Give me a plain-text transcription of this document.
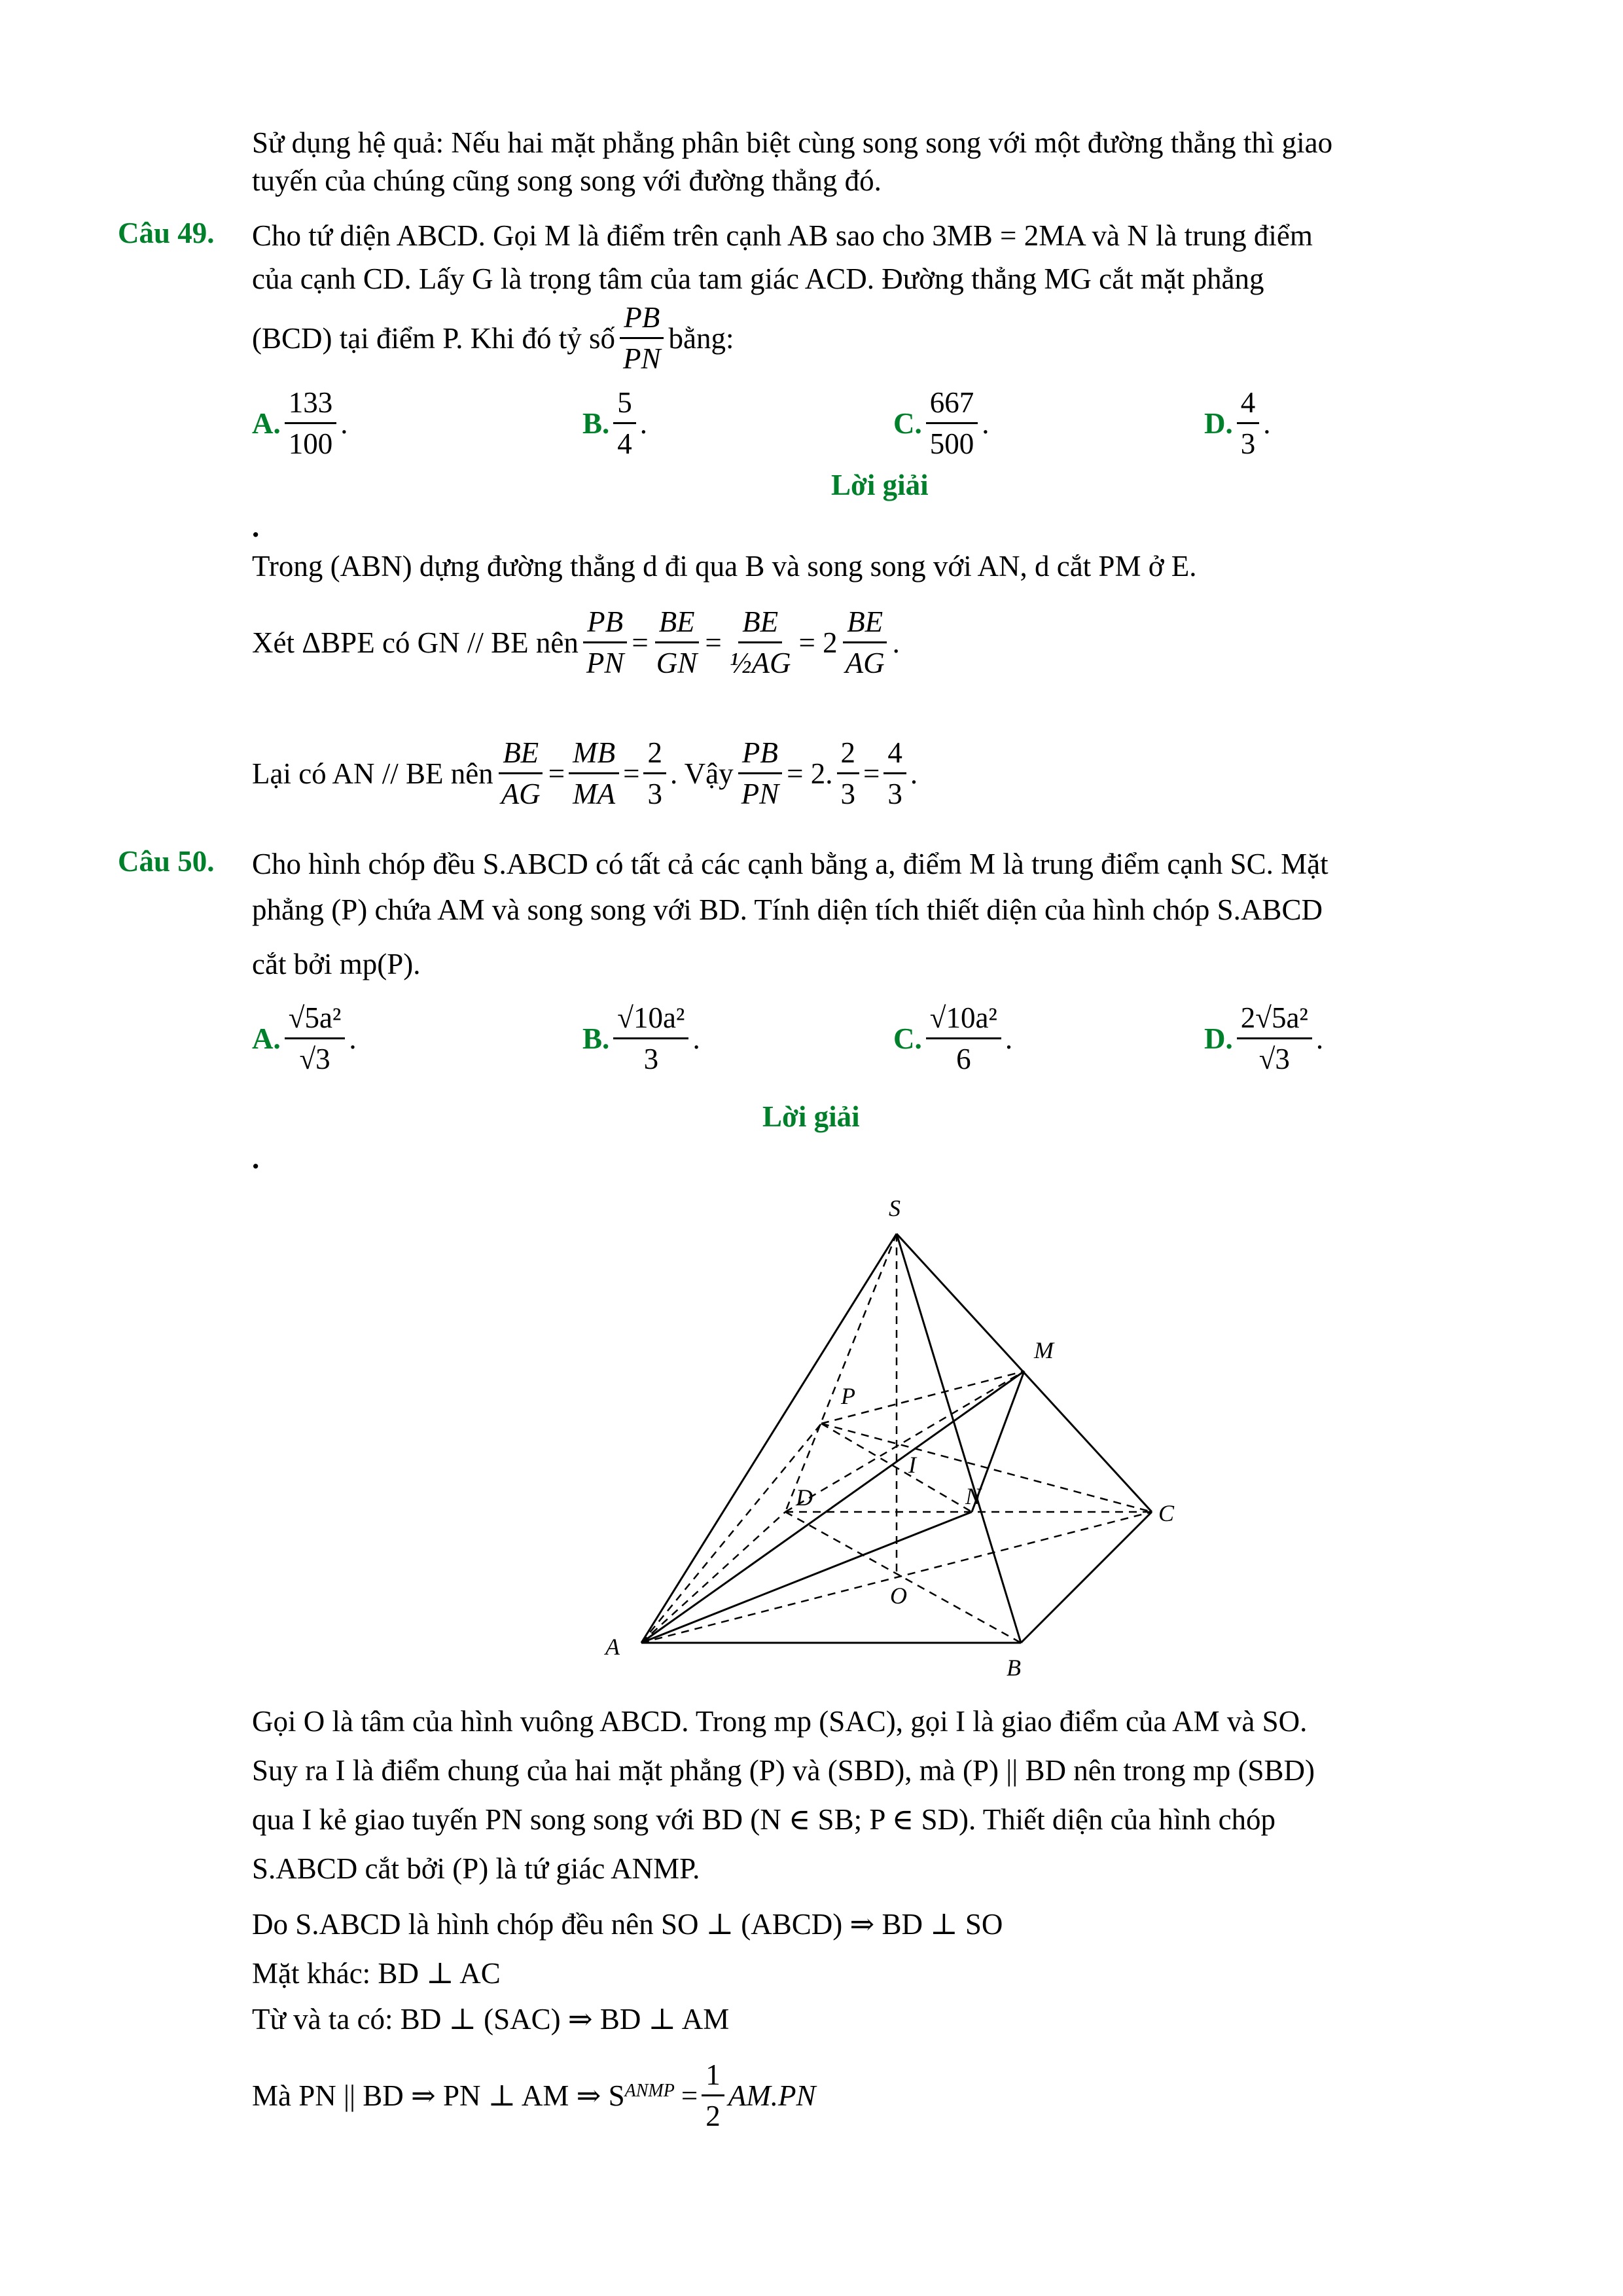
Sử dụng hệ quả: Nếu hai mặt phẳng phân biệt cùng song song với một đường thẳng thì giao
tuyến của chúng cũng song song với đường thẳng đó.
Câu 49. Cho tứ diện ABCD. Gọi M là điểm trên cạnh AB sao cho 3MB = 2MA và N là trung điểm
của cạnh CD. Lấy G là trọng tâm của tam giác ACD. Đường thẳng MG cắt mặt phẳng
(BCD) tại điểm P. Khi đó tỷ số $\frac{PB}{PN}$ bằng:
A. $\frac{133}{100}$ .	B. $\frac{5}{4}$ .	C. $\frac{667}{500}$ .	D. $\frac{4}{3}$ .
Lời giải
.
Trong (ABN) dựng đường thẳng d đi qua B và song song với AN, d cắt PM ở E.
Xét ΔBPE có GN // BE nên $\frac{PB}{PN} = \frac{BE}{GN} = \frac{BE}{\text{½AG}} = 2 \frac{BE}{AG}$ .
Lại có AN // BE nên $\frac{BE}{AG} = \frac{MB}{MA} = \frac{2}{3}$ . Vậy $\frac{PB}{PN} = 2$. $\frac{2}{3} = \frac{4}{3}$ .
Câu 50. Cho hình chóp đều S.ABCD có tất cả các cạnh bằng a, điểm M là trung điểm cạnh SC. Mặt
phẳng (P) chứa AM và song song với BD. Tính diện tích thiết diện của hình chóp S.ABCD
cắt bởi mp(P).
A. $\frac{\text{√5a²}}{√3}$ .	B. $\frac{\text{√10a²}}{3}$ .	C. $\frac{\text{√10a²}}{6}$ .	D. $\frac{\text{2√5a²}}{√3}$ .
Lời giải
.
S
M
P
I
D	N
C
O
A
B
Gọi O là tâm của hình vuông ABCD. Trong mp (SAC), gọi I là giao điểm của AM và SO.
Suy ra I là điểm chung của hai mặt phẳng (P) và (SBD), mà (P) || BD nên trong mp (SBD)
qua I kẻ giao tuyến PN song song với BD (N ∈ SB; P ∈ SD). Thiết diện của hình chóp
S.ABCD cắt bởi (P) là tứ giác ANMP.
Do S.ABCD là hình chóp đều nên SO ⊥ (ABCD) ⇒ BD ⊥ SO
Mặt khác: BD ⊥ AC
Từ và ta có: BD ⊥ (SAC) ⇒ BD ⊥ AM
Mà PN || BD ⇒ PN ⊥ AM ⇒ S ANMP = $\frac{1}{2} AM.PN$
